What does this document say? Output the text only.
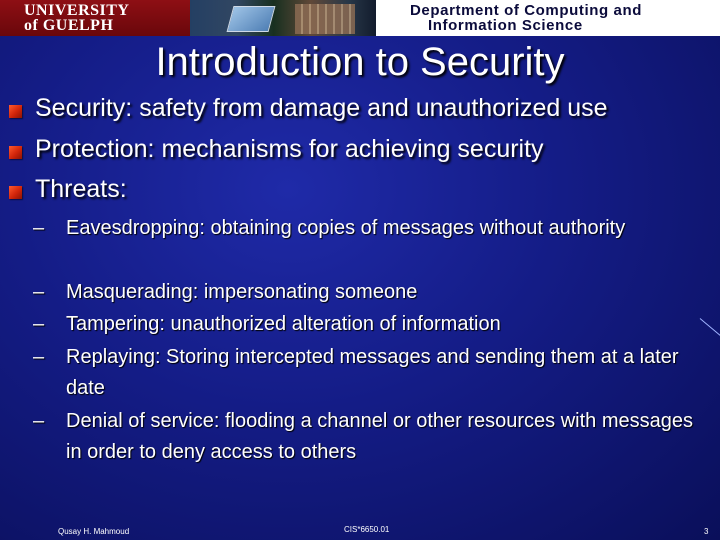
UNIVERSITY
of GUELPH
Department of Computing and
Information Science
Introduction to Security
Security: safety from damage and unauthorized use
Protection: mechanisms for achieving security
Threats:
– Eavesdropping: obtaining copies of messages without authority
– Masquerading: impersonating someone
– Tampering: unauthorized alteration of information
– Replaying: Storing intercepted messages and sending them at a later date
– Denial of service: flooding a channel or other resources with messages in order to deny access to others
Qusay H. Mahmoud	CIS*6650.01	3
